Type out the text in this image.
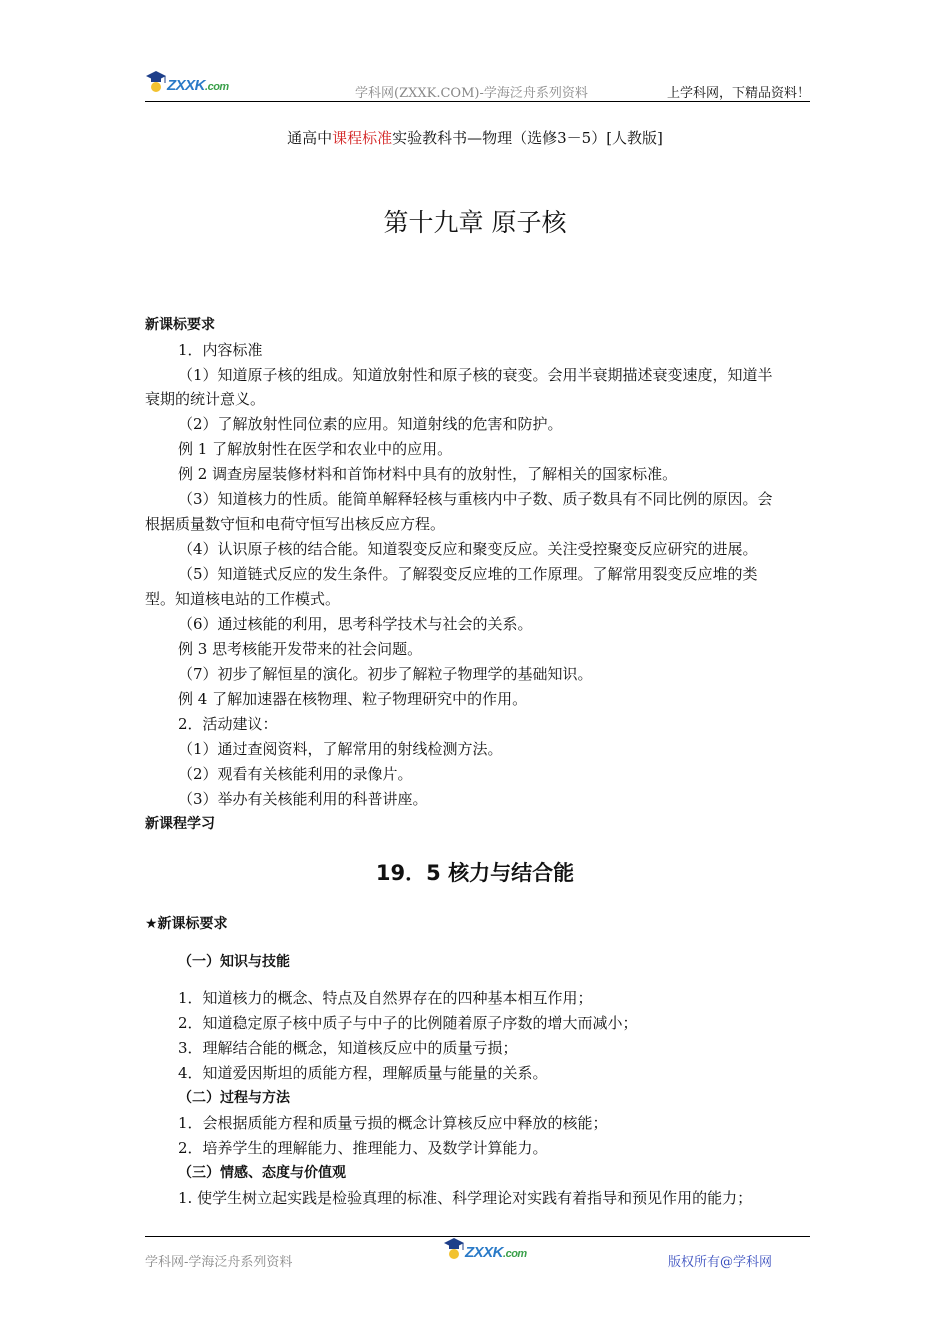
ZXXK.com	学科网(ZXXK.COM)-学海泛舟系列资料	上学科网，下精品资料！
通高中课程标准实验教科书—物理（选修3－5）[人教版]
第十九章 原子核
新课标要求
1．内容标准
（1）知道原子核的组成。知道放射性和原子核的衰变。会用半衰期描述衰变速度，知道半
衰期的统计意义。
（2）了解放射性同位素的应用。知道射线的危害和防护。
例 1 了解放射性在医学和农业中的应用。
例 2 调查房屋装修材料和首饰材料中具有的放射性，了解相关的国家标准。
（3）知道核力的性质。能简单解释轻核与重核内中子数、质子数具有不同比例的原因。会
根据质量数守恒和电荷守恒写出核反应方程。
（4）认识原子核的结合能。知道裂变反应和聚变反应。关注受控聚变反应研究的进展。
（5）知道链式反应的发生条件。了解裂变反应堆的工作原理。了解常用裂变反应堆的类
型。知道核电站的工作模式。
（6）通过核能的利用，思考科学技术与社会的关系。
例 3 思考核能开发带来的社会问题。
（7）初步了解恒星的演化。初步了解粒子物理学的基础知识。
例 4 了解加速器在核物理、粒子物理研究中的作用。
2．活动建议：
（1）通过查阅资料，了解常用的射线检测方法。
（2）观看有关核能利用的录像片。
（3）举办有关核能利用的科普讲座。
新课程学习
19．5 核力与结合能
★新课标要求
（一）知识与技能
1．知道核力的概念、特点及自然界存在的四种基本相互作用；
2．知道稳定原子核中质子与中子的比例随着原子序数的增大而减小；
3．理解结合能的概念，知道核反应中的质量亏损；
4．知道爱因斯坦的质能方程，理解质量与能量的关系。
（二）过程与方法
1．会根据质能方程和质量亏损的概念计算核反应中释放的核能；
2．培养学生的理解能力、推理能力、及数学计算能力。
（三）情感、态度与价值观
1. 使学生树立起实践是检验真理的标准、科学理论对实践有着指导和预见作用的能力；
学科网-学海泛舟系列资料
ZXXK.com
版权所有@学科网
